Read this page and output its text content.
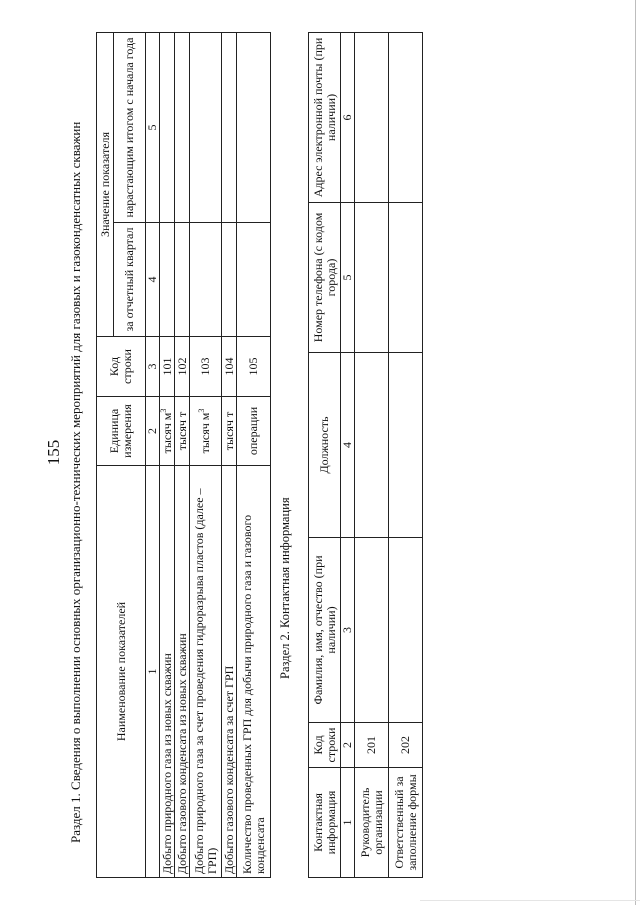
155 Раздел 1. Сведения о выполнении основных организационно-технических мероприятий для газовых и газоконденсатных скважин	Наименование показателей	Единица измерения	Код строки	Значение показателя	
			за отчетный квартал	нарастающим итогом с начала года
1	2	3	4	5
Добыто природного газа из новых скважин	тысяч $м^3$	101		
Добыто газового конденсата из новых скважин	тысяч т	102		
Добыто природного газа за счет проведения гидроразрыва пластов (далее – ГРП)	тысяч $м^3$	103		
Добыто газового конденсата за счет ГРП	тысяч т	104		
Количество проведенных ГРП для добычи природного газа и газового конденсата	операции	105		
Раздел 2. Контактная информация
Контактная информация	Код строки	Фамилия, имя, отчество (при наличии)	Должность	Номер телефона (с кодом города)	Адрес электронной почты (при наличии)
1	2	3	4	5	6
Руководитель организации	201				
Ответственный за заполнение формы	202				
